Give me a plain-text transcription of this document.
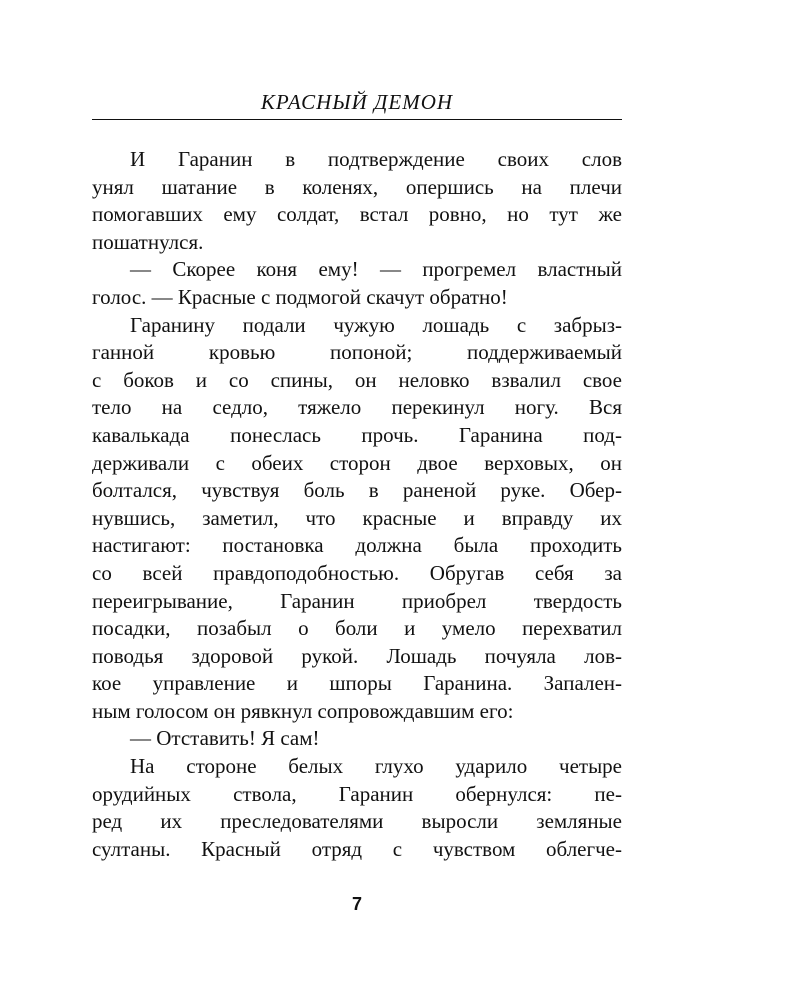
КРАСНЫЙ ДЕМОН
И Гаранин в подтверждение своих слов
унял шатание в коленях, опершись на плечи
помогавших ему солдат, встал ровно, но тут же
пошатнулся.
— Скорее коня ему! — прогремел властный
голос. — Красные с подмогой скачут обратно!
Гаранину подали чужую лошадь с забрыз-
ганной кровью попоной; поддерживаемый
с боков и со спины, он неловко взвалил свое
тело на седло, тяжело перекинул ногу. Вся
кавалькада понеслась прочь. Гаранина под-
держивали с обеих сторон двое верховых, он
болтался, чувствуя боль в раненой руке. Обер-
нувшись, заметил, что красные и вправду их
настигают: постановка должна была проходить
со всей правдоподобностью. Обругав себя за
переигрывание, Гаранин приобрел твердость
посадки, позабыл о боли и умело перехватил
поводья здоровой рукой. Лошадь почуяла лов-
кое управление и шпоры Гаранина. Запален-
ным голосом он рявкнул сопровождавшим его:
— Отставить! Я сам!
На стороне белых глухо ударило четыре
орудийных ствола, Гаранин обернулся: пе-
ред их преследователями выросли земляные
султаны. Красный отряд с чувством облегче-
7
